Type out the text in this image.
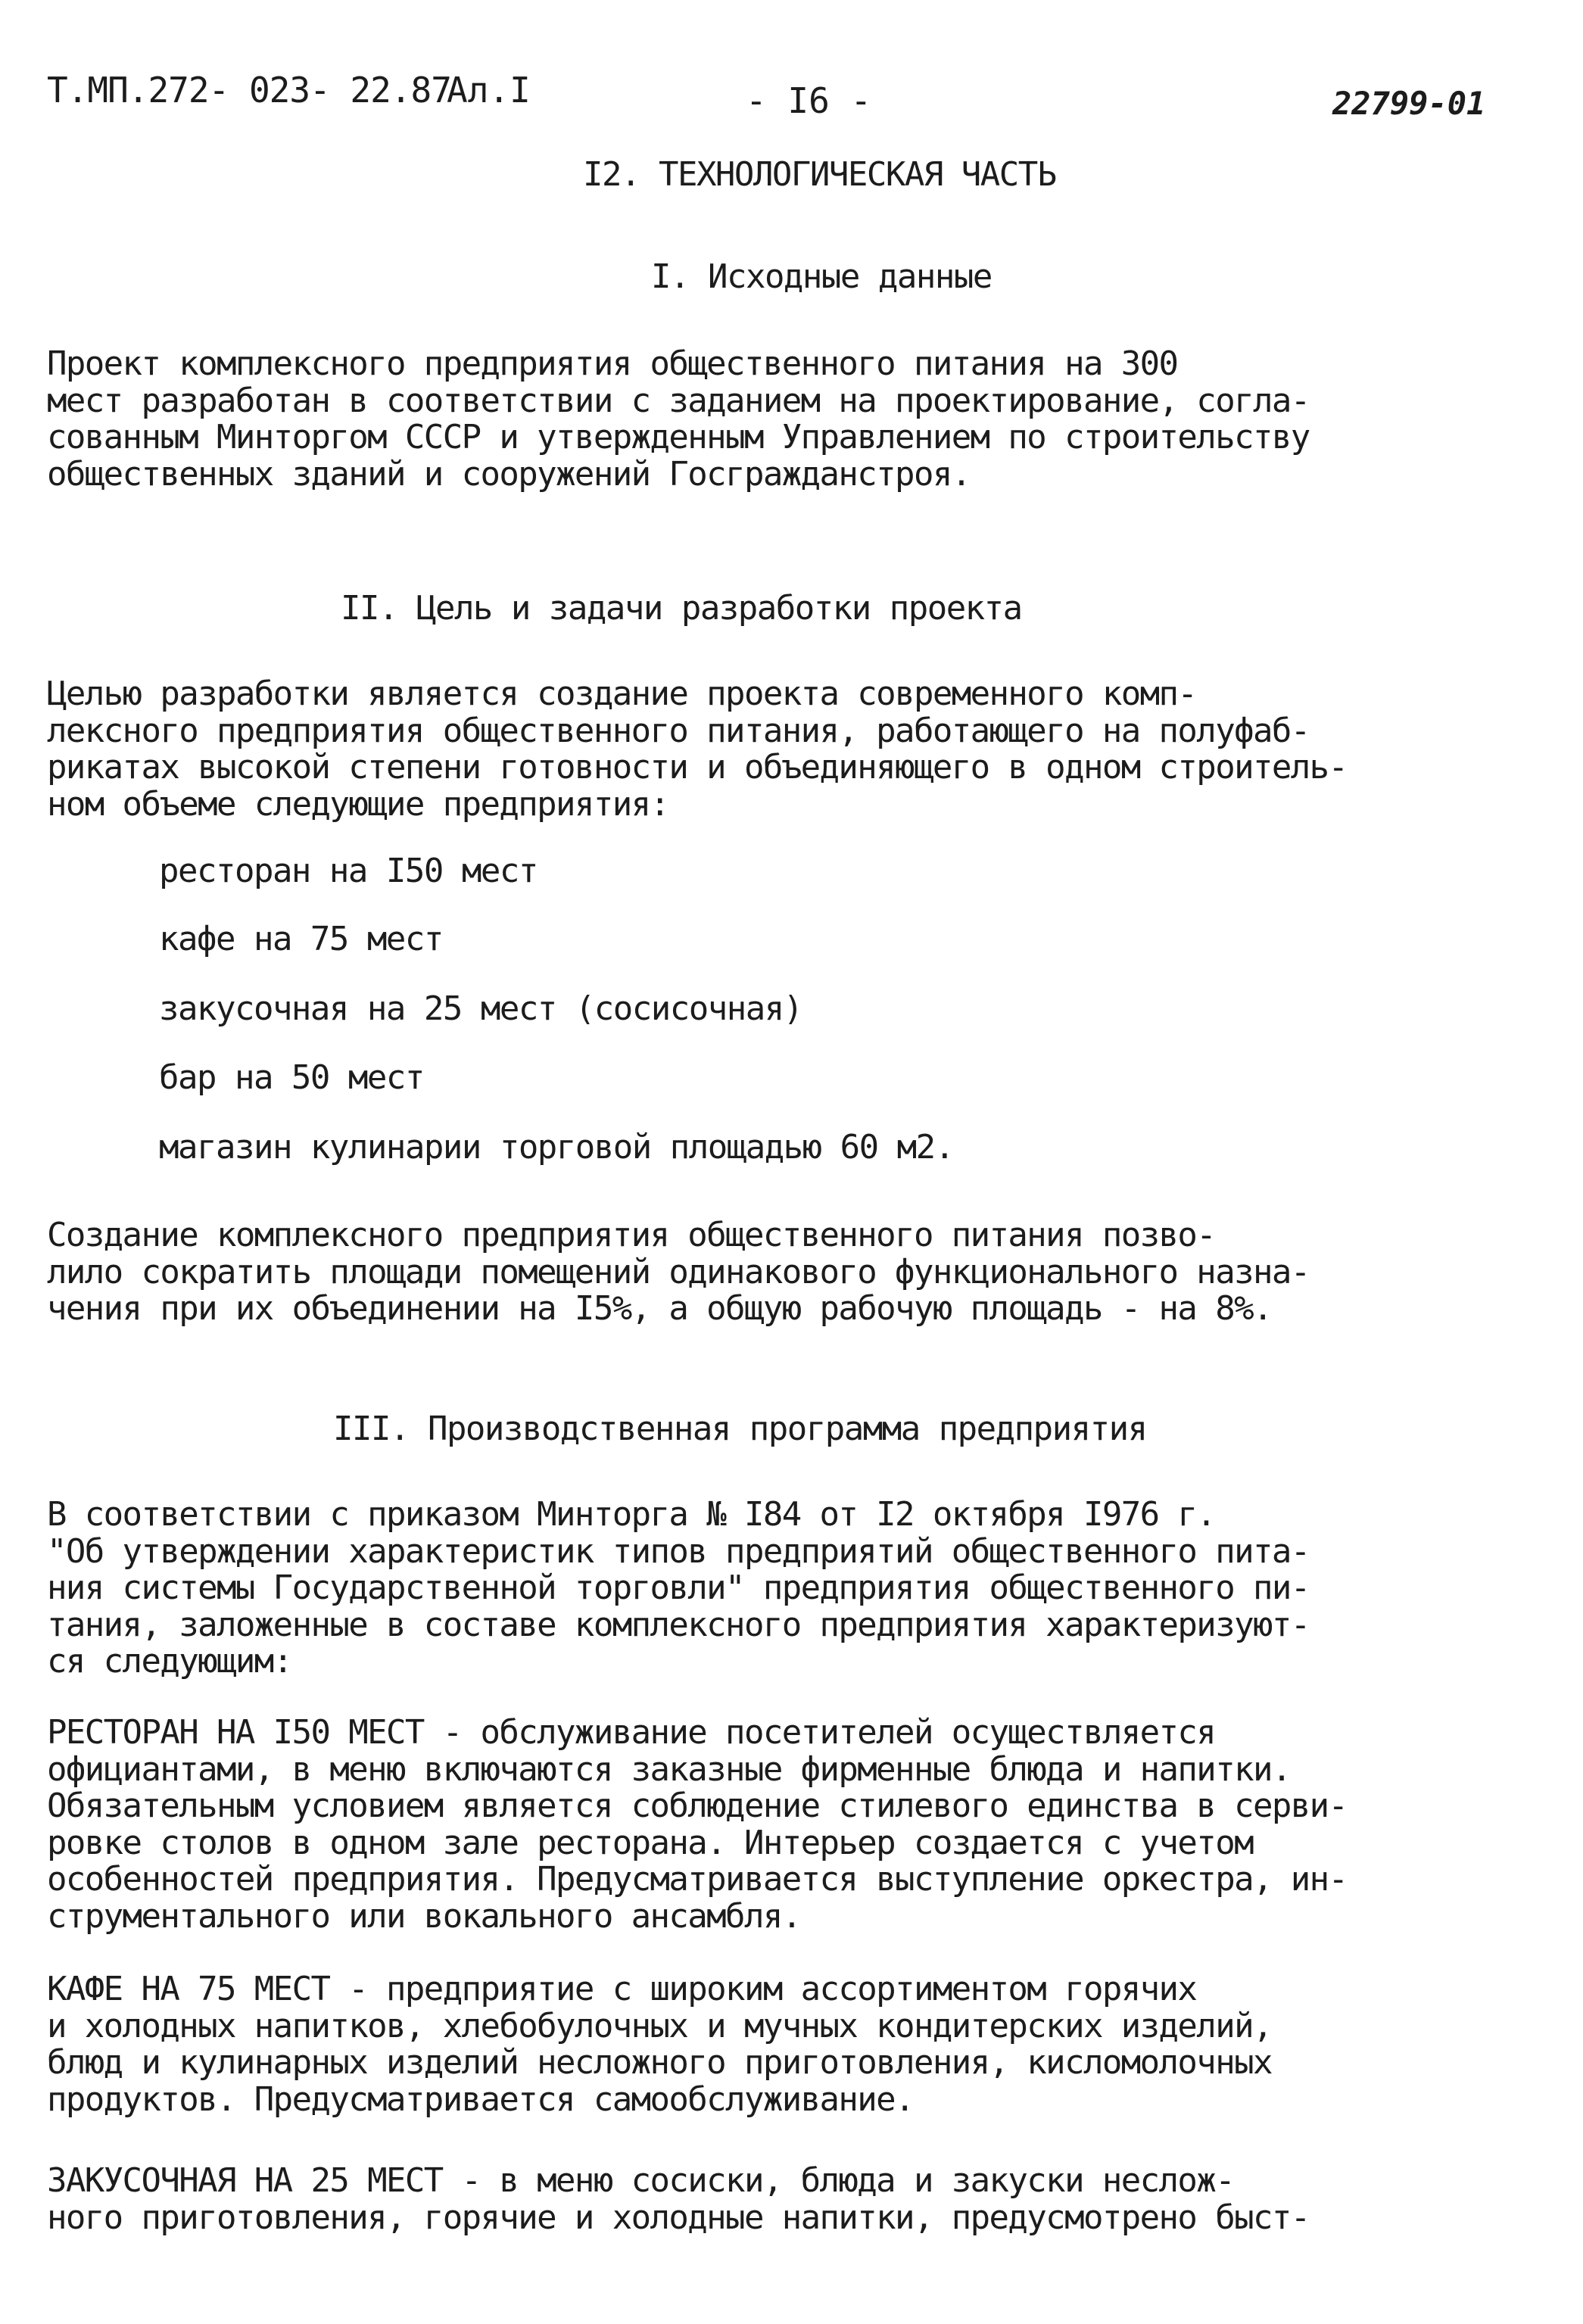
Т.МП.272- 023- 22.87
Ал.I	- I6 -	22799-01
I2. ТЕХНОЛОГИЧЕСКАЯ ЧАСТЬ
I. Исходные данные
Проект комплексного предприятия общественного питания на 300
мест разработан в соответствии с заданием на проектирование, согла-
сованным Минторгом СССР и утвержденным Управлением по строительству
общественных зданий и сооружений Госгражданстроя.
II. Цель и задачи разработки проекта
Целью разработки является создание проекта современного комп-
лексного предприятия общественного питания, работающего на полуфаб-
рикатах высокой степени готовности и объединяющего в одном строитель-
ном объеме следующие предприятия:
ресторан на I50 мест
кафе на 75 мест
закусочная на 25 мест (сосисочная)
бар на 50 мест
магазин кулинарии торговой площадью 60 м2.
Создание комплексного предприятия общественного питания позво-
лило сократить площади помещений одинакового функционального назна-
чения при их объединении на I5%, а общую рабочую площадь - на 8%.
III. Производственная программа предприятия
В соответствии с приказом Минторга № I84 от I2 октября I976 г.
"Об утверждении характеристик типов предприятий общественного пита-
ния системы Государственной торговли" предприятия общественного пи-
тания, заложенные в составе комплексного предприятия характеризуют-
ся следующим:
РЕСТОРАН НА I50 МЕСТ - обслуживание посетителей осуществляется
официантами, в меню включаются заказные фирменные блюда и напитки.
Обязательным условием является соблюдение стилевого единства в серви-
ровке столов в одном зале ресторана. Интерьер создается с учетом
особенностей предприятия. Предусматривается выступление оркестра, ин-
струментального или вокального ансамбля.
КАФЕ НА 75 МЕСТ - предприятие с широким ассортиментом горячих
и холодных напитков, хлебобулочных и мучных кондитерских изделий,
блюд и кулинарных изделий несложного приготовления, кисломолочных
продуктов. Предусматривается самообслуживание.
ЗАКУСОЧНАЯ НА 25 МЕСТ - в меню сосиски, блюда и закуски неслож-
ного приготовления, горячие и холодные напитки, предусмотрено быст-
